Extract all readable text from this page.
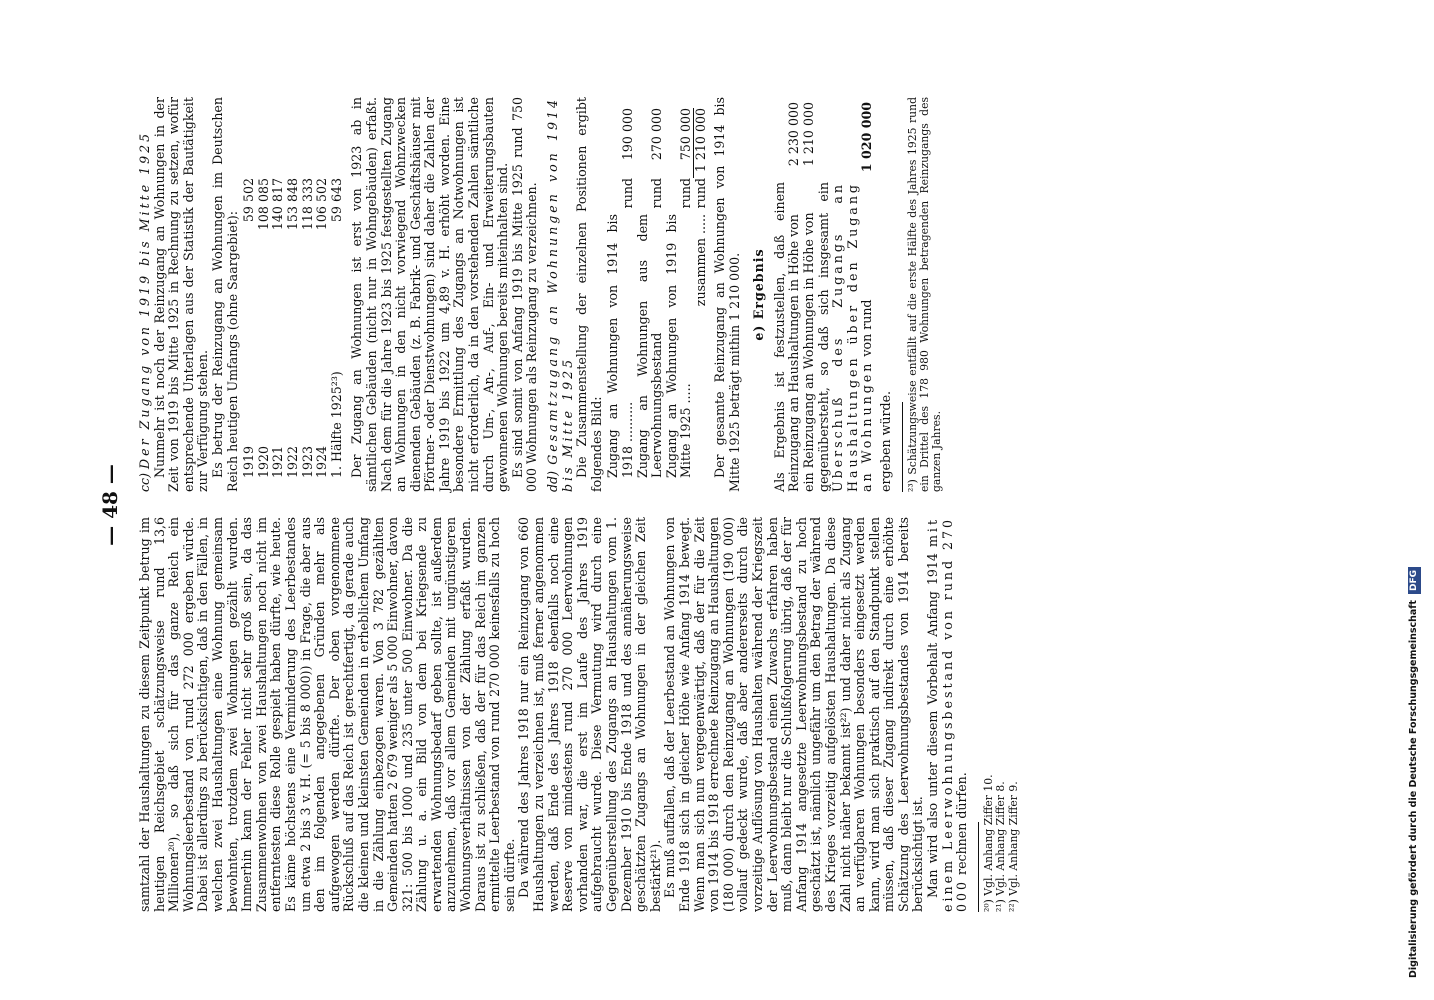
— 48 —

samtzahl der Haushaltungen zu diesem Zeitpunkt betrug im heutigen Reichsgebiet schätzungsweise rund 13,6 Millionen²⁰), so daß sich für das ganze Reich ein Wohnungsleerbestand von rund 272 000 ergeben würde. Dabei ist allerdings zu berücksichtigen, daß in den Fällen, in welchen zwei Haushaltungen eine Wohnung gemeinsam bewohnten, trotzdem zwei Wohnungen gezählt wurden. Immerhin kann der Fehler nicht sehr groß sein, da das Zusammenwohnen von zwei Haushaltungen noch nicht im entferntesten diese Rolle gespielt haben dürfte, wie heute. Es käme höchstens eine Verminderung des Leerbestandes um etwa 2 bis 3 v. H. (= 5 bis 8 000)) in Frage, die aber aus den im folgenden angegebenen Gründen mehr als aufgewogen werden dürfte. Der oben vorgenommene Rückschluß auf das Reich ist gerechtfertigt, da gerade auch die kleinen und kleinsten Gemeinden in erheblichem Umfang in die Zählung einbezogen waren. Von 3 782 gezählten Gemeinden hatten 2 679 weniger als 5 000 Einwohner, davon 321: 500 bis 1000 und 235 unter 500 Einwohner. Da die Zählung u. a. ein Bild von dem bei Kriegsende zu erwartenden Wohnungsbedarf geben sollte, ist außerdem anzunehmen, daß vor allem Gemeinden mit ungünstigeren Wohnungsverhältnissen von der Zählung erfaßt wurden. Daraus ist zu schließen, daß der für das Reich im ganzen ermittelte Leerbestand von rund 270 000 keinesfalls zu hoch sein dürfte. Da während des Jahres 1918 nur ein Reinzugang von 660 Haushaltungen zu verzeichnen ist, muß ferner angenommen werden, daß Ende des Jahres 1918 ebenfalls noch eine Reserve von mindestens rund 270 000 Leerwohnungen vorhanden war, die erst im Laufe des Jahres 1919 aufgebraucht wurde. Diese Vermutung wird durch eine Gegenüberstellung des Zugangs an Haushaltungen vom 1. Dezember 1910 bis Ende 1918 und des annäherungsweise geschätzten Zugangs an Wohnungen in der gleichen Zeit bestärkt²¹). Es muß auffallen, daß der Leerbestand an Wohnungen von Ende 1918 sich in gleicher Höhe wie Anfang 1914 bewegt. Wenn man sich nun vergegenwärtigt, daß der für die Zeit von 1914 bis 1918 errechnete Reinzugang an Haushaltungen (180 000) durch den Reinzugang an Wohnungen (190 000) vollauf gedeckt wurde, daß aber andererseits durch die vorzeitige Auflösung von Haushalten während der Kriegszeit der Leerwohnungsbestand einen Zuwachs erfahren haben muß, dann bleibt nur die Schlußfolgerung übrig, daß der für Anfang 1914 angesetzte Leerwohnungsbestand zu hoch geschätzt ist, nämlich ungefähr um den Betrag der während des Krieges vorzeitig aufgelösten Haushaltungen. Da diese Zahl nicht näher bekannt ist²²) und daher nicht als Zugang an verfügbaren Wohnungen besonders eingesetzt werden kann, wird man sich praktisch auf den Standpunkt stellen müssen, daß dieser Zugang indirekt durch eine erhöhte Schätzung des Leerwohnungsbestandes von 1914 bereits berücksichtigt ist. Man wird also unter diesem Vorbehalt Anfang 1914 mit einem Leerwohnungsbestand von rund 270 000 rechnen dürfen. ²⁰) Vgl. Anhang Ziffer 10. ²¹) Vgl. Anhang Ziffer 8. ²²) Vgl. Anhang Ziffer 9.

cc) Der Zugang von 1919 bis Mitte 1925 Nunmehr ist noch der Reinzugang an Wohnungen in der Zeit von 1919 bis Mitte 1925 in Rechnung zu setzen, wofür entsprechende Unterlagen aus der Statistik der Bautätigkeit zur Verfügung stehen. Es betrug der Reinzugang an Wohnungen im Deutschen Reich heutigen Umfangs (ohne Saargebiet): 1919	59 502
1920	108 085
1921	140 817
1922	153 848
1923	118 333
1924	106 502
1. Hälfte 1925²³)	59 643 Der Zugang an Wohnungen ist erst von 1923 ab in sämtlichen Gebäuden (nicht nur in Wohngebäuden) erfaßt. Nach dem für die Jahre 1923 bis 1925 festgestellten Zugang an Wohnungen in den nicht vorwiegend Wohnzwecken dienenden Gebäuden (z. B. Fabrik- und Geschäftshäuser mit Pförtner- oder Dienstwohnungen) sind daher die Zahlen der Jahre 1919 bis 1922 um 4,89 v. H. erhöht worden. Eine besondere Ermittlung des Zugangs an Notwohnungen ist nicht erforderlich, da in den vorstehenden Zahlen sämtliche durch Um-, An-, Auf-, Ein- und Erweiterungsbauten gewonnenen Wohnungen bereits miteinhalten sind. Es sind somit von Anfang 1919 bis Mitte 1925 rund 750 000 Wohnungen als Reinzugang zu verzeichnen. dd) Gesamtzugang an Wohnungen von 1914 bis Mitte 1925 Die Zusammenstellung der einzelnen Positionen ergibt folgendes Bild: Zugang an Wohnungen von 1914 bis 1918 ..........	rund	190 000
Zugang an Wohnungen aus dem Leerwohnungsbestand	rund	270 000
Zugang an Wohnungen von 1919 bis Mitte 1925 .....	rund	750 000
zusammen .....	rund	1 210 000 Der gesamte Reinzugang an Wohnungen von 1914 bis Mitte 1925 beträgt mithin 1 210 000. e) Ergebnis Als Ergebnis ist festzustellen, daß einem Reinzugang an Haushaltungen in Höhe von	2 230 000
ein Reinzugang an Wohnungen in Höhe von	1 210 000
gegenübersteht, so daß sich insgesamt ein Überschuß des Zugangs an Haushaltungen über den Zugang an Wohnungen von rund	1 020 000

ergeben würde. ²³) Schätzungsweise entfällt auf die erste Hälfte des Jahres 1925 rund ein Drittel des 178 980 Wohnungen betragenden Reinzugangs des ganzen Jahres.
Digitalisierung gefördert durch die Deutsche ForschungsgemeinschaftDFG
